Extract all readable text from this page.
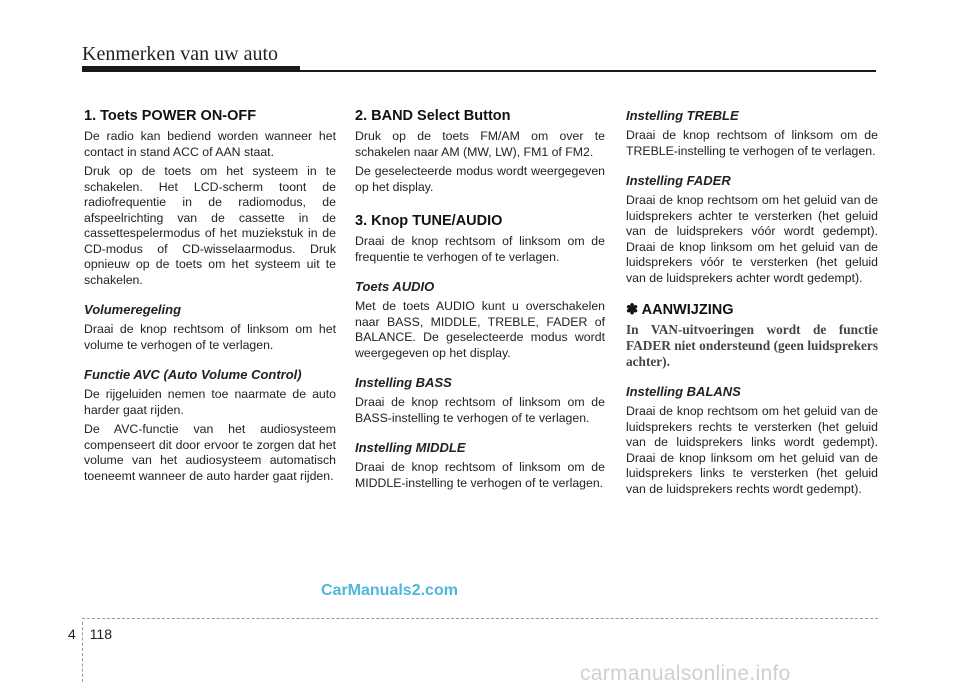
Kenmerken van uw auto
1. Toets POWER ON-OFF

De radio kan bediend worden wanneer het contact in stand ACC of AAN staat.

Druk op de toets om het systeem in te schakelen. Het LCD-scherm toont de radiofrequentie in de radiomodus, de afspeelrichting van de cassette in de cassettespelermodus of het muziekstuk in de CD-modus of CD-wisselaarmodus. Druk opnieuw op de toets om het systeem uit te schakelen.

Volumeregeling

Draai de knop rechtsom of linksom om het volume te verhogen of te verlagen.

Functie AVC (Auto Volume Control)

De rijgeluiden nemen toe naarmate de auto harder gaat rijden.

De AVC-functie van het audiosysteem compenseert dit door ervoor te zorgen dat het volume van het audiosysteem automatisch toeneemt wanneer de auto harder gaat rijden.

2. BAND Select Button

Druk op de toets FM/AM om over te schakelen naar AM (MW, LW), FM1 of FM2.

De geselecteerde modus wordt weergegeven op het display.

3. Knop TUNE/AUDIO

Draai de knop rechtsom of linksom om de frequentie te verhogen of te verlagen.

Toets AUDIO

Met de toets AUDIO kunt u overschakelen naar BASS, MIDDLE, TREBLE, FADER of BALANCE. De geselecteerde modus wordt weergegeven op het display.

Instelling BASS

Draai de knop rechtsom of linksom om de BASS-instelling te verhogen of te verlagen.

Instelling MIDDLE

Draai de knop rechtsom of linksom om de MIDDLE-instelling te verhogen of te verlagen.

Instelling TREBLE

Draai de knop rechtsom of linksom om de TREBLE-instelling te verhogen of te verlagen.

Instelling FADER

Draai de knop rechtsom om het geluid van de luidsprekers achter te versterken (het geluid van de luidsprekers vóór wordt gedempt). Draai de knop linksom om het geluid van de luidsprekers vóór te versterken (het geluid van de luidsprekers achter wordt gedempt).

✽ AANWIJZING

In VAN-uitvoeringen wordt de functie FADER niet ondersteund (geen luidsprekers achter).

Instelling BALANS

Draai de knop rechtsom om het geluid van de luidsprekers rechts te versterken (het geluid van de luidsprekers links wordt gedempt). Draai de knop linksom om het geluid van de luidsprekers links te versterken (het geluid van de luidsprekers rechts wordt gedempt).

CarManuals2.com
4 118
carmanualsonline.info
